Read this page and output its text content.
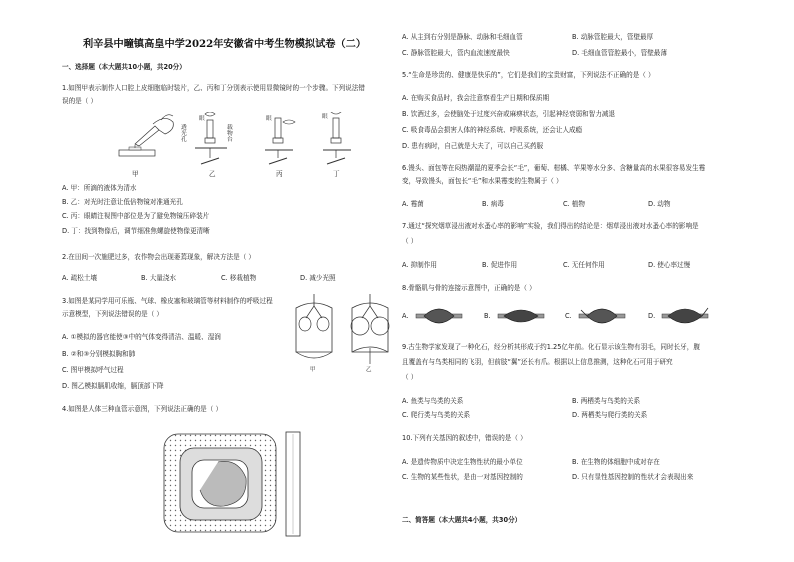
利辛县中疃镇高皇中学2022年安徽省中考生物模拟试卷（二）
一、选择题（本大题共10小题，共20分）
1.如图甲表示制作人口腔上皮细胞临时装片，乙、丙和丁分别表示使用显微镜时的一个步骤。下列说法错
误的是（ ）
透
光
孔
载
物
台
眼	眼	眼
甲	乙	丙	丁
A. 甲：所滴的液体为清水
B. 乙：对光时注意让低倍物镜对准通光孔
C. 丙：眼睛注视图中部位是为了避免物镜压碎装片
D. 丁：找到物像后，调节细准焦螺旋使物像更清晰
2.在田间一次施肥过多，农作物会出现萎蔫现象，解决方法是（ ）
A. 疏松土壤	B. 大量浇水	C. 移栽植物	D. 减少光照
3.如图是某同学用可乐瓶、气球、橡皮塞和玻璃管等材料制作的呼吸过程
示意模型，下列说法错误的是（ ）
A. ①模拟的器官能使③中的气体变得清洁、温暖、湿润
B. ②和③分别模拟胸和肺
C. 图甲模拟呼气过程
D. 图乙模拟膈肌收缩，膈顶部下降
甲	乙
4.如图是人体三种血管示意图，下列说法正确的是（ ）
A. 从主到右分别是静脉、动脉和毛细血管	B. 动脉管腔最大，管壁最厚
C. 静脉管腔最大，管内血流速度最快	D. 毛细血管管腔最小，管壁最薄
5.“生命是珍贵的、健康是快乐的”，它们是我们的宝贵财富，下列说法不正确的是（ ）
A. 在购买食品时，我会注意察看生产日期和保质期
B. 饮酒过多，会使脑处于过度兴奋或麻痹状态，引起神经衰弱和智力减退
C. 吸食毒品会损害人体的神经系统、呼吸系统，还会让人成瘾
D. 患有病时，自己就是大夫了，可以自己买药服
6.馒头、面包等在闷热潮湿的夏季会长“毛”，葡萄、柑橘、苹果等水分多、含糖量高的水果很容易发生霉
变，导致馒头，面包长“毛”和水果霉变的生物属于（ ）
A. 霉菌	B. 病毒	C. 植物	D. 动物
7.通过“探究烟草浸出液对水蚤心率的影响”实验，我们得出的结论是：烟草浸出液对水蚤心率的影响是
（ ）
A. 抑制作用	B. 促进作用	C. 无任何作用	D. 使心率过慢
8.骨骼肌与骨的连接示意图中，正确的是（ ）
A.	B.	C.	D.
9.古生物学家发现了一种化石，经分析其形成于约1.25亿年前。化石显示该生物有羽毛，同时长牙，腹
且覆盖有与鸟类相同的飞羽，但前肢“翼”还长有爪。根据以上信息推测，这种化石可用于研究
（ ）
A. 鱼类与鸟类的关系	B. 两栖类与鸟类的关系
C. 爬行类与鸟类的关系	D. 两栖类与爬行类的关系
10.下列有关基因的叙述中，错误的是（ ）
A. 是遗传物质中决定生物性状的最小单位	B. 在生物的体细胞中成对存在
C. 生物的某些性状，是由一对基因控制的	D. 只有显性基因控制的性状才会表现出来
二、简答题（本大题共4小题，共30分）
